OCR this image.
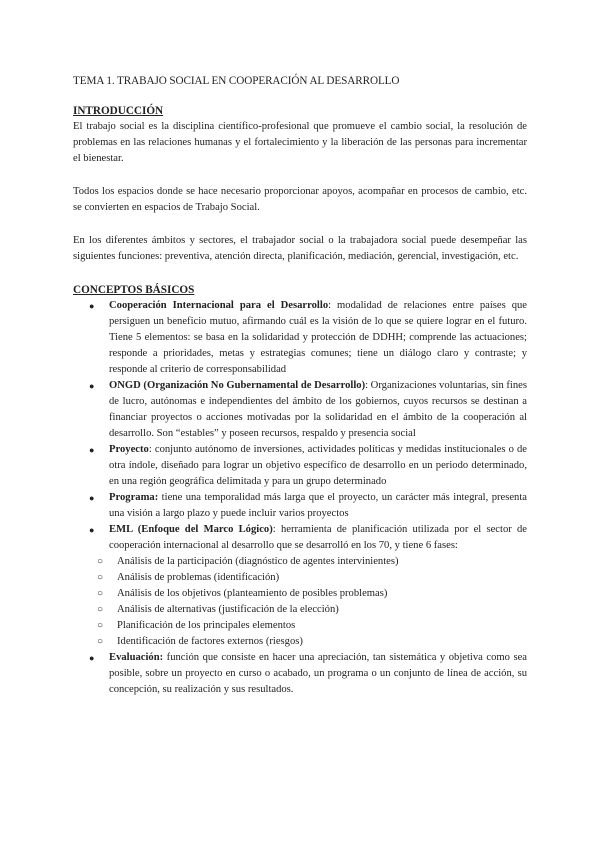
TEMA 1. TRABAJO SOCIAL EN COOPERACIÓN AL DESARROLLO

INTRODUCCIÓN

El trabajo social es la disciplina científico-profesional que promueve el cambio social, la resolución de problemas en las relaciones humanas y el fortalecimiento y la liberación de las personas para incrementar el bienestar.

Todos los espacios donde se hace necesario proporcionar apoyos, acompañar en procesos de cambio, etc. se convierten en espacios de Trabajo Social.

En los diferentes ámbitos y sectores, el trabajador social o la trabajadora social puede desempeñar las siguientes funciones: preventiva, atención directa, planificación, mediación, gerencial, investigación, etc.

CONCEPTOS BÁSICOS

● Cooperación Internacional para el Desarrollo: modalidad de relaciones entre países que persiguen un beneficio mutuo, afirmando cuál es la visión de lo que se quiere lograr en el futuro. Tiene 5 elementos: se basa en la solidaridad y protección de DDHH; comprende las actuaciones; responde a prioridades, metas y estrategias comunes; tiene un diálogo claro y contraste; y responde al criterio de corresponsabilidad
● ONGD (Organización No Gubernamental de Desarrollo): Organizaciones voluntarias, sin fines de lucro, autónomas e independientes del ámbito de los gobiernos, cuyos recursos se destinan a financiar proyectos o acciones motivadas por la solidaridad en el ámbito de la cooperación al desarrollo. Son “estables” y poseen recursos, respaldo y presencia social
● Proyecto: conjunto autónomo de inversiones, actividades políticas y medidas institucionales o de otra índole, diseñado para lograr un objetivo específico de desarrollo en un periodo determinado, en una región geográfica delimitada y para un grupo determinado
● Programa: tiene una temporalidad más larga que el proyecto, un carácter más integral, presenta una visión a largo plazo y puede incluir varios proyectos
● EML (Enfoque del Marco Lógico): herramienta de planificación utilizada por el sector de cooperación internacional al desarrollo que se desarrolló en los 70, y tiene 6 fases:
○ Análisis de la participación (diagnóstico de agentes intervinientes)
○ Análisis de problemas (identificación)
○ Análisis de los objetivos (planteamiento de posibles problemas)
○ Análisis de alternativas (justificación de la elección)
○ Planificación de los principales elementos
○ Identificación de factores externos (riesgos)
● Evaluación: función que consiste en hacer una apreciación, tan sistemática y objetiva como sea posible, sobre un proyecto en curso o acabado, un programa o un conjunto de línea de acción, su concepción, su realización y sus resultados.
